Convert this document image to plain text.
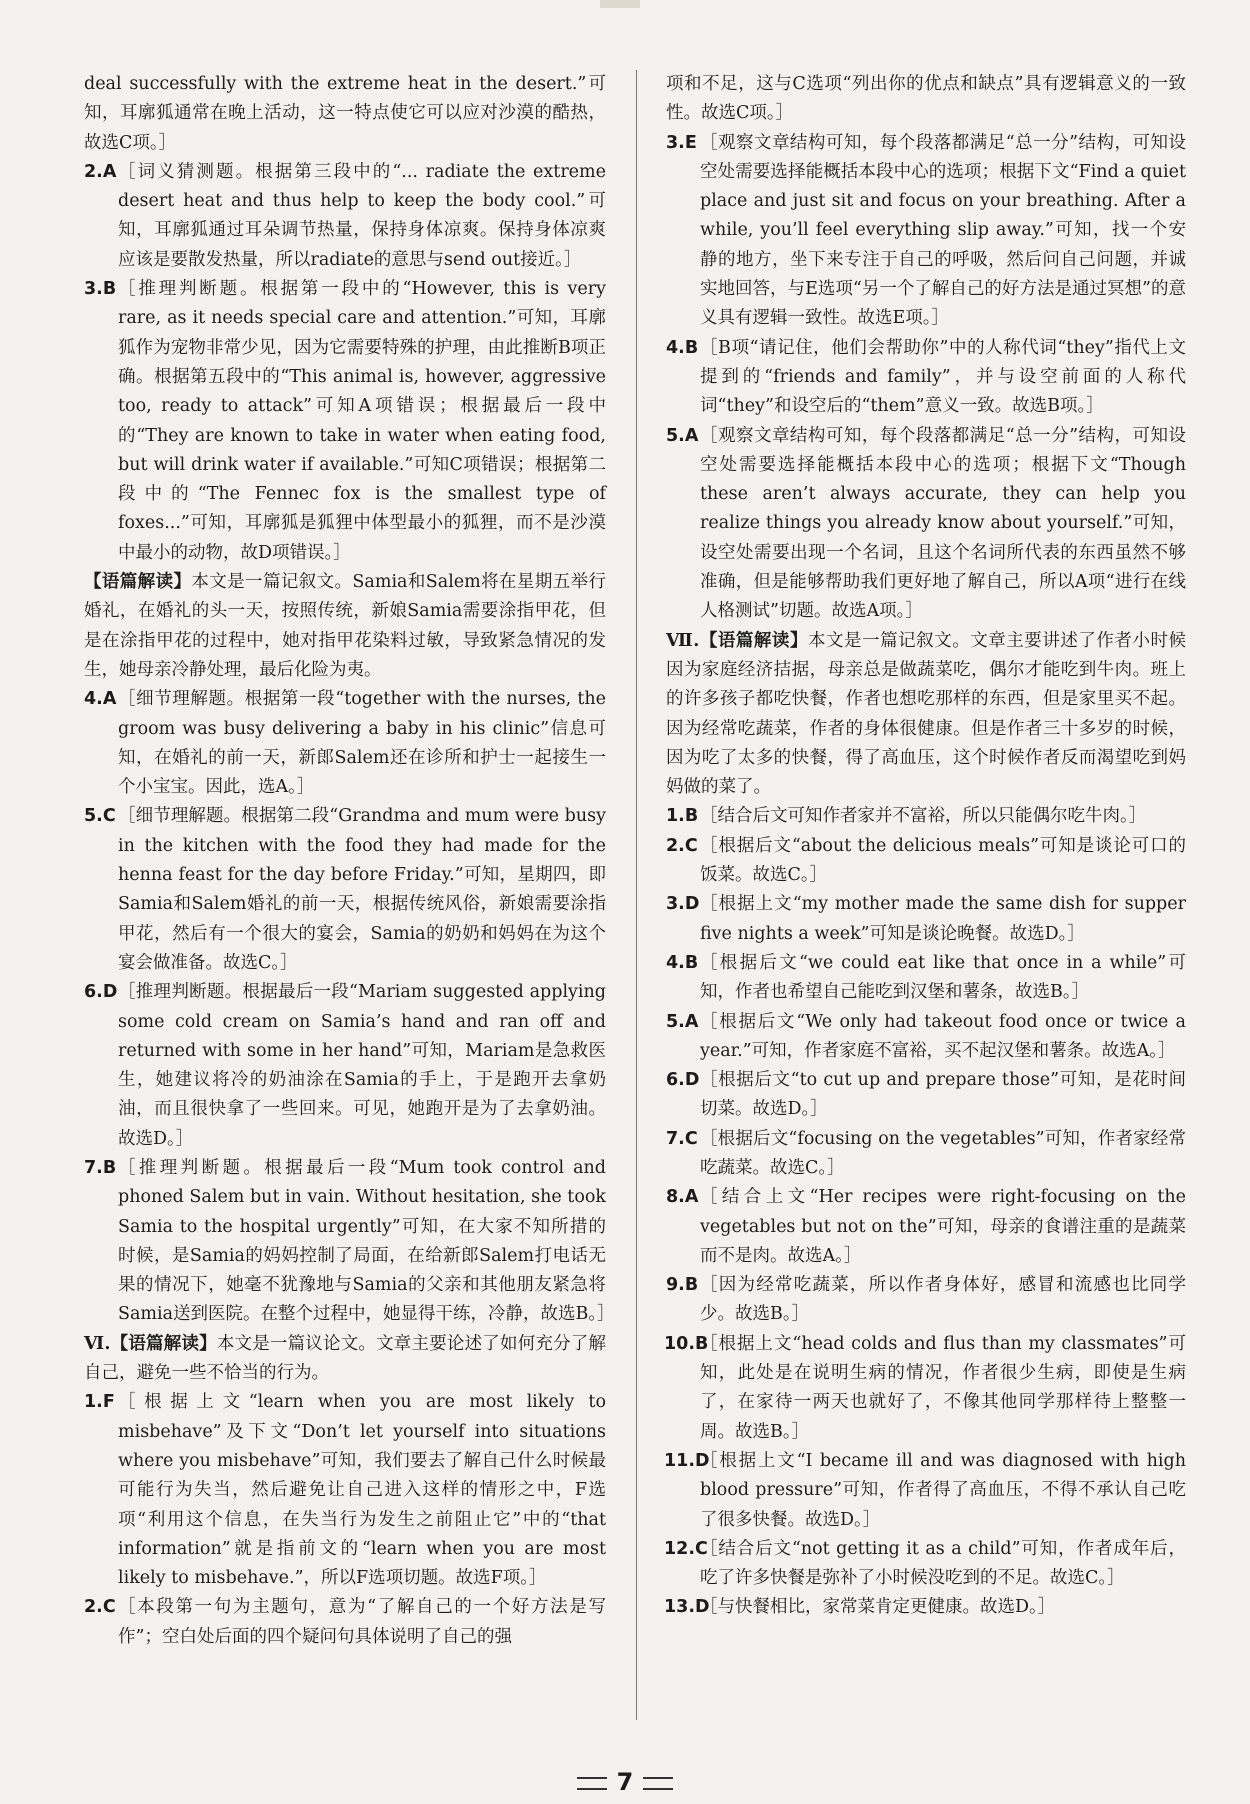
deal successfully with the extreme heat in the desert.”可知，耳廓狐通常在晚上活动，这一特点使它可以应对沙漠的酷热，故选C项。］
2.A ［词义猜测题。根据第三段中的“... radiate the extreme desert heat and thus help to keep the body cool.”可知，耳廓狐通过耳朵调节热量，保持身体凉爽。保持身体凉爽应该是要散发热量，所以radiate的意思与send out接近。］
3.B ［推理判断题。根据第一段中的“However, this is very rare, as it needs special care and attention.”可知，耳廓狐作为宠物非常少见，因为它需要特殊的护理，由此推断B项正确。根据第五段中的“This animal is, however, aggressive too, ready to attack”可知A项错误；根据最后一段中的“They are known to take in water when eating food, but will drink water if available.”可知C项错误；根据第二段中的“The Fennec fox is the smallest type of foxes...”可知，耳廓狐是狐狸中体型最小的狐狸，而不是沙漠中最小的动物，故D项错误。］
【语篇解读】本文是一篇记叙文。Samia和Salem将在星期五举行婚礼，在婚礼的头一天，按照传统，新娘Samia需要涂指甲花，但是在涂指甲花的过程中，她对指甲花染料过敏，导致紧急情况的发生，她母亲冷静处理，最后化险为夷。
4.A ［细节理解题。根据第一段“together with the nurses, the groom was busy delivering a baby in his clinic”信息可知，在婚礼的前一天，新郎Salem还在诊所和护士一起接生一个小宝宝。因此，选A。］
5.C ［细节理解题。根据第二段“Grandma and mum were busy in the kitchen with the food they had made for the henna feast for the day before Friday.”可知，星期四，即Samia和Salem婚礼的前一天，根据传统风俗，新娘需要涂指甲花，然后有一个很大的宴会，Samia的奶奶和妈妈在为这个宴会做准备。故选C。］
6.D ［推理判断题。根据最后一段“Mariam suggested applying some cold cream on Samia’s hand and ran off and returned with some in her hand”可知，Mariam是急救医生，她建议将冷的奶油涂在Samia的手上，于是跑开去拿奶油，而且很快拿了一些回来。可见，她跑开是为了去拿奶油。故选D。］
7.B ［推理判断题。根据最后一段“Mum took control and phoned Salem but in vain. Without hesitation, she took Samia to the hospital urgently”可知，在大家不知所措的时候，是Samia的妈妈控制了局面，在给新郎Salem打电话无果的情况下，她毫不犹豫地与Samia的父亲和其他朋友紧急将Samia送到医院。在整个过程中，她显得干练，冷静，故选B。］
Ⅵ.【语篇解读】本文是一篇议论文。文章主要论述了如何充分了解自己，避免一些不恰当的行为。
1.F ［根据上文“learn when you are most likely to misbehave”及下文“Don’t let yourself into situations where you misbehave”可知，我们要去了解自己什么时候最可能行为失当，然后避免让自己进入这样的情形之中，F选项“利用这个信息，在失当行为发生之前阻止它”中的“that information”就是指前文的“learn when you are most likely to misbehave.”，所以F选项切题。故选F项。］
2.C ［本段第一句为主题句，意为“了解自己的一个好方法是写作”；空白处后面的四个疑问句具体说明了自己的强
项和不足，这与C选项“列出你的优点和缺点”具有逻辑意义的一致性。故选C项。］
3.E ［观察文章结构可知，每个段落都满足“总一分”结构，可知设空处需要选择能概括本段中心的选项；根据下文“Find a quiet place and just sit and focus on your breathing. After a while, you’ll feel everything slip away.”可知，找一个安静的地方，坐下来专注于自己的呼吸，然后问自己问题，并诚实地回答，与E选项“另一个了解自己的好方法是通过冥想”的意义具有逻辑一致性。故选E项。］
4.B ［B项“请记住，他们会帮助你”中的人称代词“they”指代上文提到的“friends and family”，并与设空前面的人称代词“they”和设空后的“them”意义一致。故选B项。］
5.A ［观察文章结构可知，每个段落都满足“总一分”结构，可知设空处需要选择能概括本段中心的选项；根据下文“Though these aren’t always accurate, they can help you realize things you already know about yourself.”可知，设空处需要出现一个名词，且这个名词所代表的东西虽然不够准确，但是能够帮助我们更好地了解自己，所以A项“进行在线人格测试”切题。故选A项。］
Ⅶ.【语篇解读】本文是一篇记叙文。文章主要讲述了作者小时候因为家庭经济拮据，母亲总是做蔬菜吃，偶尔才能吃到牛肉。班上的许多孩子都吃快餐，作者也想吃那样的东西，但是家里买不起。因为经常吃蔬菜，作者的身体很健康。但是作者三十多岁的时候，因为吃了太多的快餐，得了高血压，这个时候作者反而渴望吃到妈妈做的菜了。
1.B ［结合后文可知作者家并不富裕，所以只能偶尔吃牛肉。］
2.C ［根据后文“about the delicious meals”可知是谈论可口的饭菜。故选C。］
3.D ［根据上文“my mother made the same dish for supper five nights a week”可知是谈论晚餐。故选D。］
4.B ［根据后文“we could eat like that once in a while”可知，作者也希望自己能吃到汉堡和薯条，故选B。］
5.A ［根据后文“We only had takeout food once or twice a year.”可知，作者家庭不富裕，买不起汉堡和薯条。故选A。］
6.D ［根据后文“to cut up and prepare those”可知，是花时间切菜。故选D。］
7.C ［根据后文“focusing on the vegetables”可知，作者家经常吃蔬菜。故选C。］
8.A ［结合上文“Her recipes were right-focusing on the vegetables but not on the”可知，母亲的食谱注重的是蔬菜而不是肉。故选A。］
9.B ［因为经常吃蔬菜，所以作者身体好，感冒和流感也比同学少。故选B。］
10.B
［根据上文“head colds and flus than my classmates”可知，此处是在说明生病的情况，作者很少生病，即使是生病了，在家待一两天也就好了，不像其他同学那样待上整整一周。故选B。］
11.D
［根据上文“I became ill and was diagnosed with high blood pressure”可知，作者得了高血压，不得不承认自己吃了很多快餐。故选D。］
12.C
［结合后文“not getting it as a child”可知，作者成年后，吃了许多快餐是弥补了小时候没吃到的不足。故选C。］
13.D
［与快餐相比，家常菜肯定更健康。故选D。］
7
